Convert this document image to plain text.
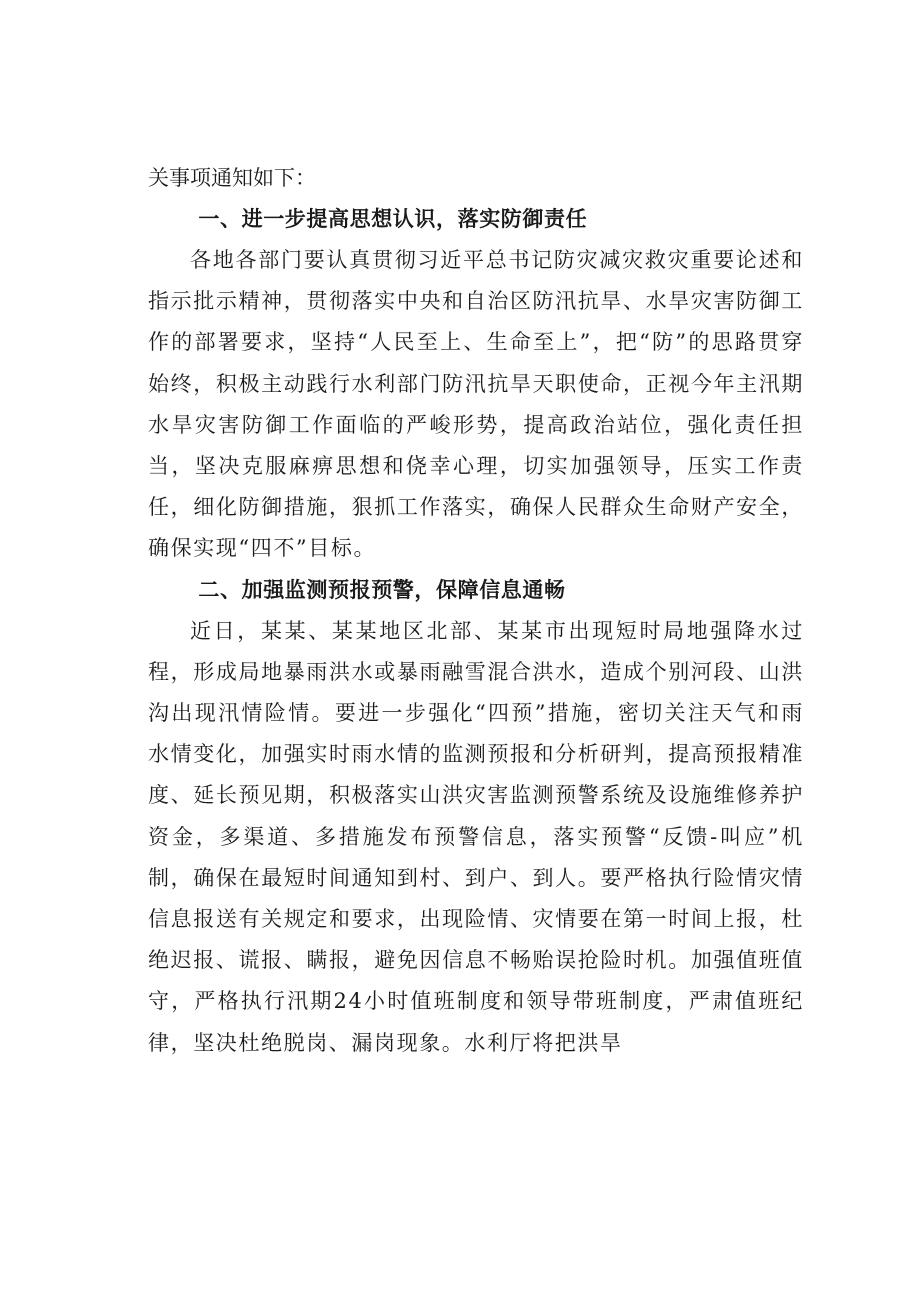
关事项通知如下：

一、进一步提高思想认识，落实防御责任

各地各部门要认真贯彻习近平总书记防灾减灾救灾重要论述和指示批示精神，贯彻落实中央和自治区防汛抗旱、水旱灾害防御工作的部署要求，坚持“人民至上、生命至上”，把“防”的思路贯穿始终，积极主动践行水利部门防汛抗旱天职使命，正视今年主汛期水旱灾害防御工作面临的严峻形势，提高政治站位，强化责任担当，坚决克服麻痹思想和侥幸心理，切实加强领导，压实工作责任，细化防御措施，狠抓工作落实，确保人民群众生命财产安全，确保实现“四不”目标。

二、加强监测预报预警，保障信息通畅

近日，某某、某某地区北部、某某市出现短时局地强降水过程，形成局地暴雨洪水或暴雨融雪混合洪水，造成个别河段、山洪沟出现汛情险情。要进一步强化“四预”措施，密切关注天气和雨水情变化，加强实时雨水情的监测预报和分析研判，提高预报精准度、延长预见期，积极落实山洪灾害监测预警系统及设施维修养护资金，多渠道、多措施发布预警信息，落实预警“反馈-叫应”机制，确保在最短时间通知到村、到户、到人。要严格执行险情灾情信息报送有关规定和要求，出现险情、灾情要在第一时间上报，杜绝迟报、谎报、瞒报，避免因信息不畅贻误抢险时机。加强值班值守，严格执行汛期24小时值班制度和领导带班制度，严肃值班纪律，坚决杜绝脱岗、漏岗现象。水利厅将把洪旱
